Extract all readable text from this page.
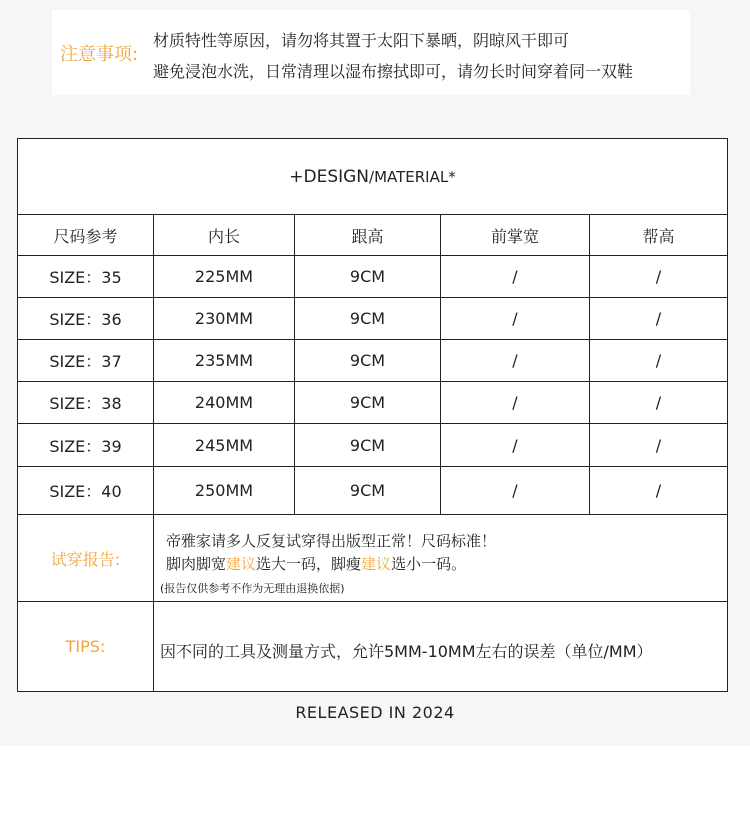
注意事项:
材质特性等原因，请勿将其置于太阳下暴晒，阴晾风干即可
避免浸泡水洗，日常清理以湿布擦拭即可，请勿长时间穿着同一双鞋
+ DESIGN /MATERIAL *
尺码参考	内长	跟高	前掌宽	帮高
SIZE：35	225MM	9CM	/	/
SIZE：36	230MM	9CM	/	/
SIZE：37	235MM	9CM	/	/
SIZE：38	240MM	9CM	/	/
SIZE：39	245MM	9CM	/	/
SIZE：40	250MM	9CM	/	/
试穿报告:
帝雅家请多人反复试穿得出版型正常！尺码标准！
脚肉脚宽建议选大一码，脚瘦建议选小一码。
(报告仅供参考不作为无理由退换依据)
TIPS:	因不同的工具及测量方式，允许5MM-10MM左右的误差（单位/MM）
RELEASED IN 2024
